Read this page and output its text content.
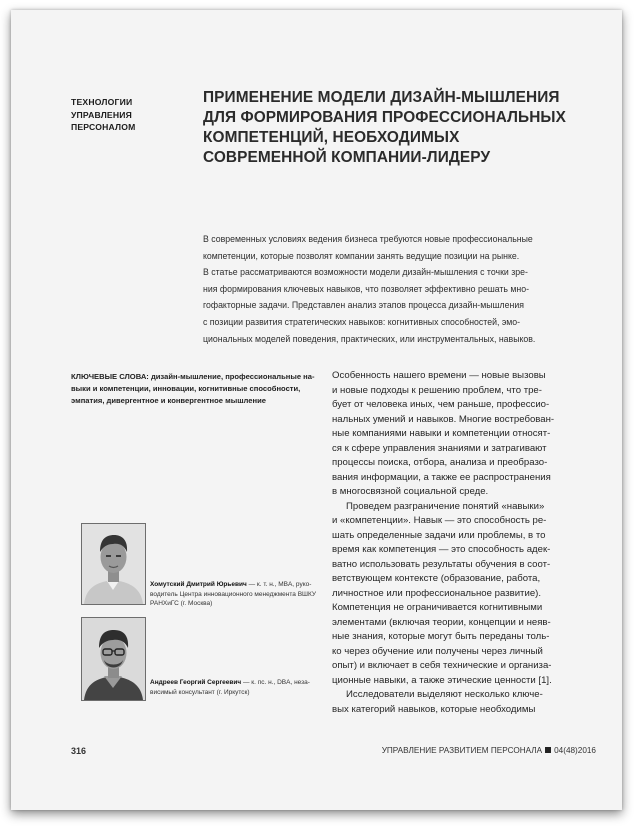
ТЕХНОЛОГИИ
УПРАВЛЕНИЯ
ПЕРСОНАЛОМ
ПРИМЕНЕНИЕ МОДЕЛИ ДИЗАЙН-МЫШЛЕНИЯ
ДЛЯ ФОРМИРОВАНИЯ ПРОФЕССИОНАЛЬНЫХ
КОМПЕТЕНЦИЙ, НЕОБХОДИМЫХ
СОВРЕМЕННОЙ КОМПАНИИ-ЛИДЕРУ
В современных условиях ведения бизнеса требуются новые профессиональные
компетенции, которые позволят компании занять ведущие позиции на рынке.
В статье рассматриваются возможности модели дизайн-мышления с точки зре-
ния формирования ключевых навыков, что позволяет эффективно решать мно-
гофакторные задачи. Представлен анализ этапов процесса дизайн-мышления
с позиции развития стратегических навыков: когнитивных способностей, эмо-
циональных моделей поведения, практических, или инструментальных, навыков.
КЛЮЧЕВЫЕ СЛОВА: дизайн-мышление, профессиональные на-
выки и компетенции, инновации, когнитивные способности,
эмпатия, дивергентное и конвергентное мышление
Особенность нашего времени — новые вызовы
и новые подходы к решению проблем, что тре-
бует от человека иных, чем раньше, профессио-
нальных умений и навыков. Многие востребован-
ные компаниями навыки и компетенции относят-
ся к сфере управления знаниями и затрагивают
процессы поиска, отбора, анализа и преобразо-
вания информации, а также ее распространения
в многосвязной социальной среде.
Проведем разграничение понятий «навыки»
и «компетенции». Навык — это способность ре-
шать определенные задачи или проблемы, в то
время как компетенция — это способность адек-
ватно использовать результаты обучения в соот-
ветствующем контексте (образование, работа,
личностное или профессиональное развитие).
Компетенция не ограничивается когнитивными
элементами (включая теории, концепции и неяв-
ные знания, которые могут быть переданы толь-
ко через обучение или получены через личный
опыт) и включает в себя технические и организа-
ционные навыки, а также этические ценности [1].
Исследователи выделяют несколько ключе-
вых категорий навыков, которые необходимы
Хомутский Дмитрий Юрьевич — к. т. н., MBA, руко-
водитель Центра инновационного менеджмента ВШКУ
РАНХиГС (г. Москва)
Андреев Георгий Сергеевич — к. пс. н., DBA, неза-
висимый консультант (г. Иркутск)
316	УПРАВЛЕНИЕ РАЗВИТИЕМ ПЕРСОНАЛА 04(48)2016
